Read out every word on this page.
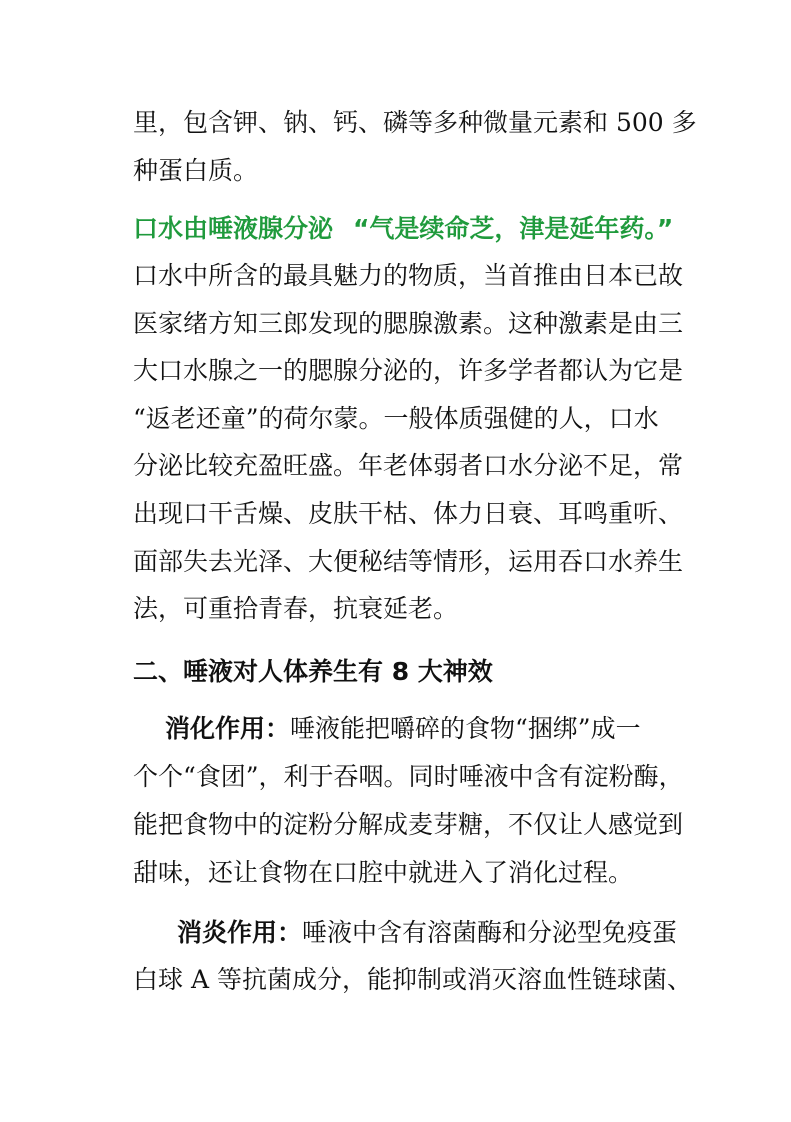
里，包含钾、钠、钙、磷等多种微量元素和 500 多
种蛋白质。
口水由唾液腺分泌 “气是续命芝，津是延年药。”
口水中所含的最具魅力的物质，当首推由日本已故
医家绪方知三郎发现的腮腺激素。这种激素是由三
大口水腺之一的腮腺分泌的，许多学者都认为它是
“返老还童”的荷尔蒙。一般体质强健的人，口水
分泌比较充盈旺盛。年老体弱者口水分泌不足，常
出现口干舌燥、皮肤干枯、体力日衰、耳鸣重听、
面部失去光泽、大便秘结等情形，运用吞口水养生
法，可重拾青春，抗衰延老。
二、唾液对人体养生有 8 大神效
消化作用：唾液能把嚼碎的食物“捆绑”成一
个个“食团”，利于吞咽。同时唾液中含有淀粉酶，
能把食物中的淀粉分解成麦芽糖，不仅让人感觉到
甜味，还让食物在口腔中就进入了消化过程。
消炎作用：唾液中含有溶菌酶和分泌型免疫蛋
白球 A 等抗菌成分，能抑制或消灭溶血性链球菌、
